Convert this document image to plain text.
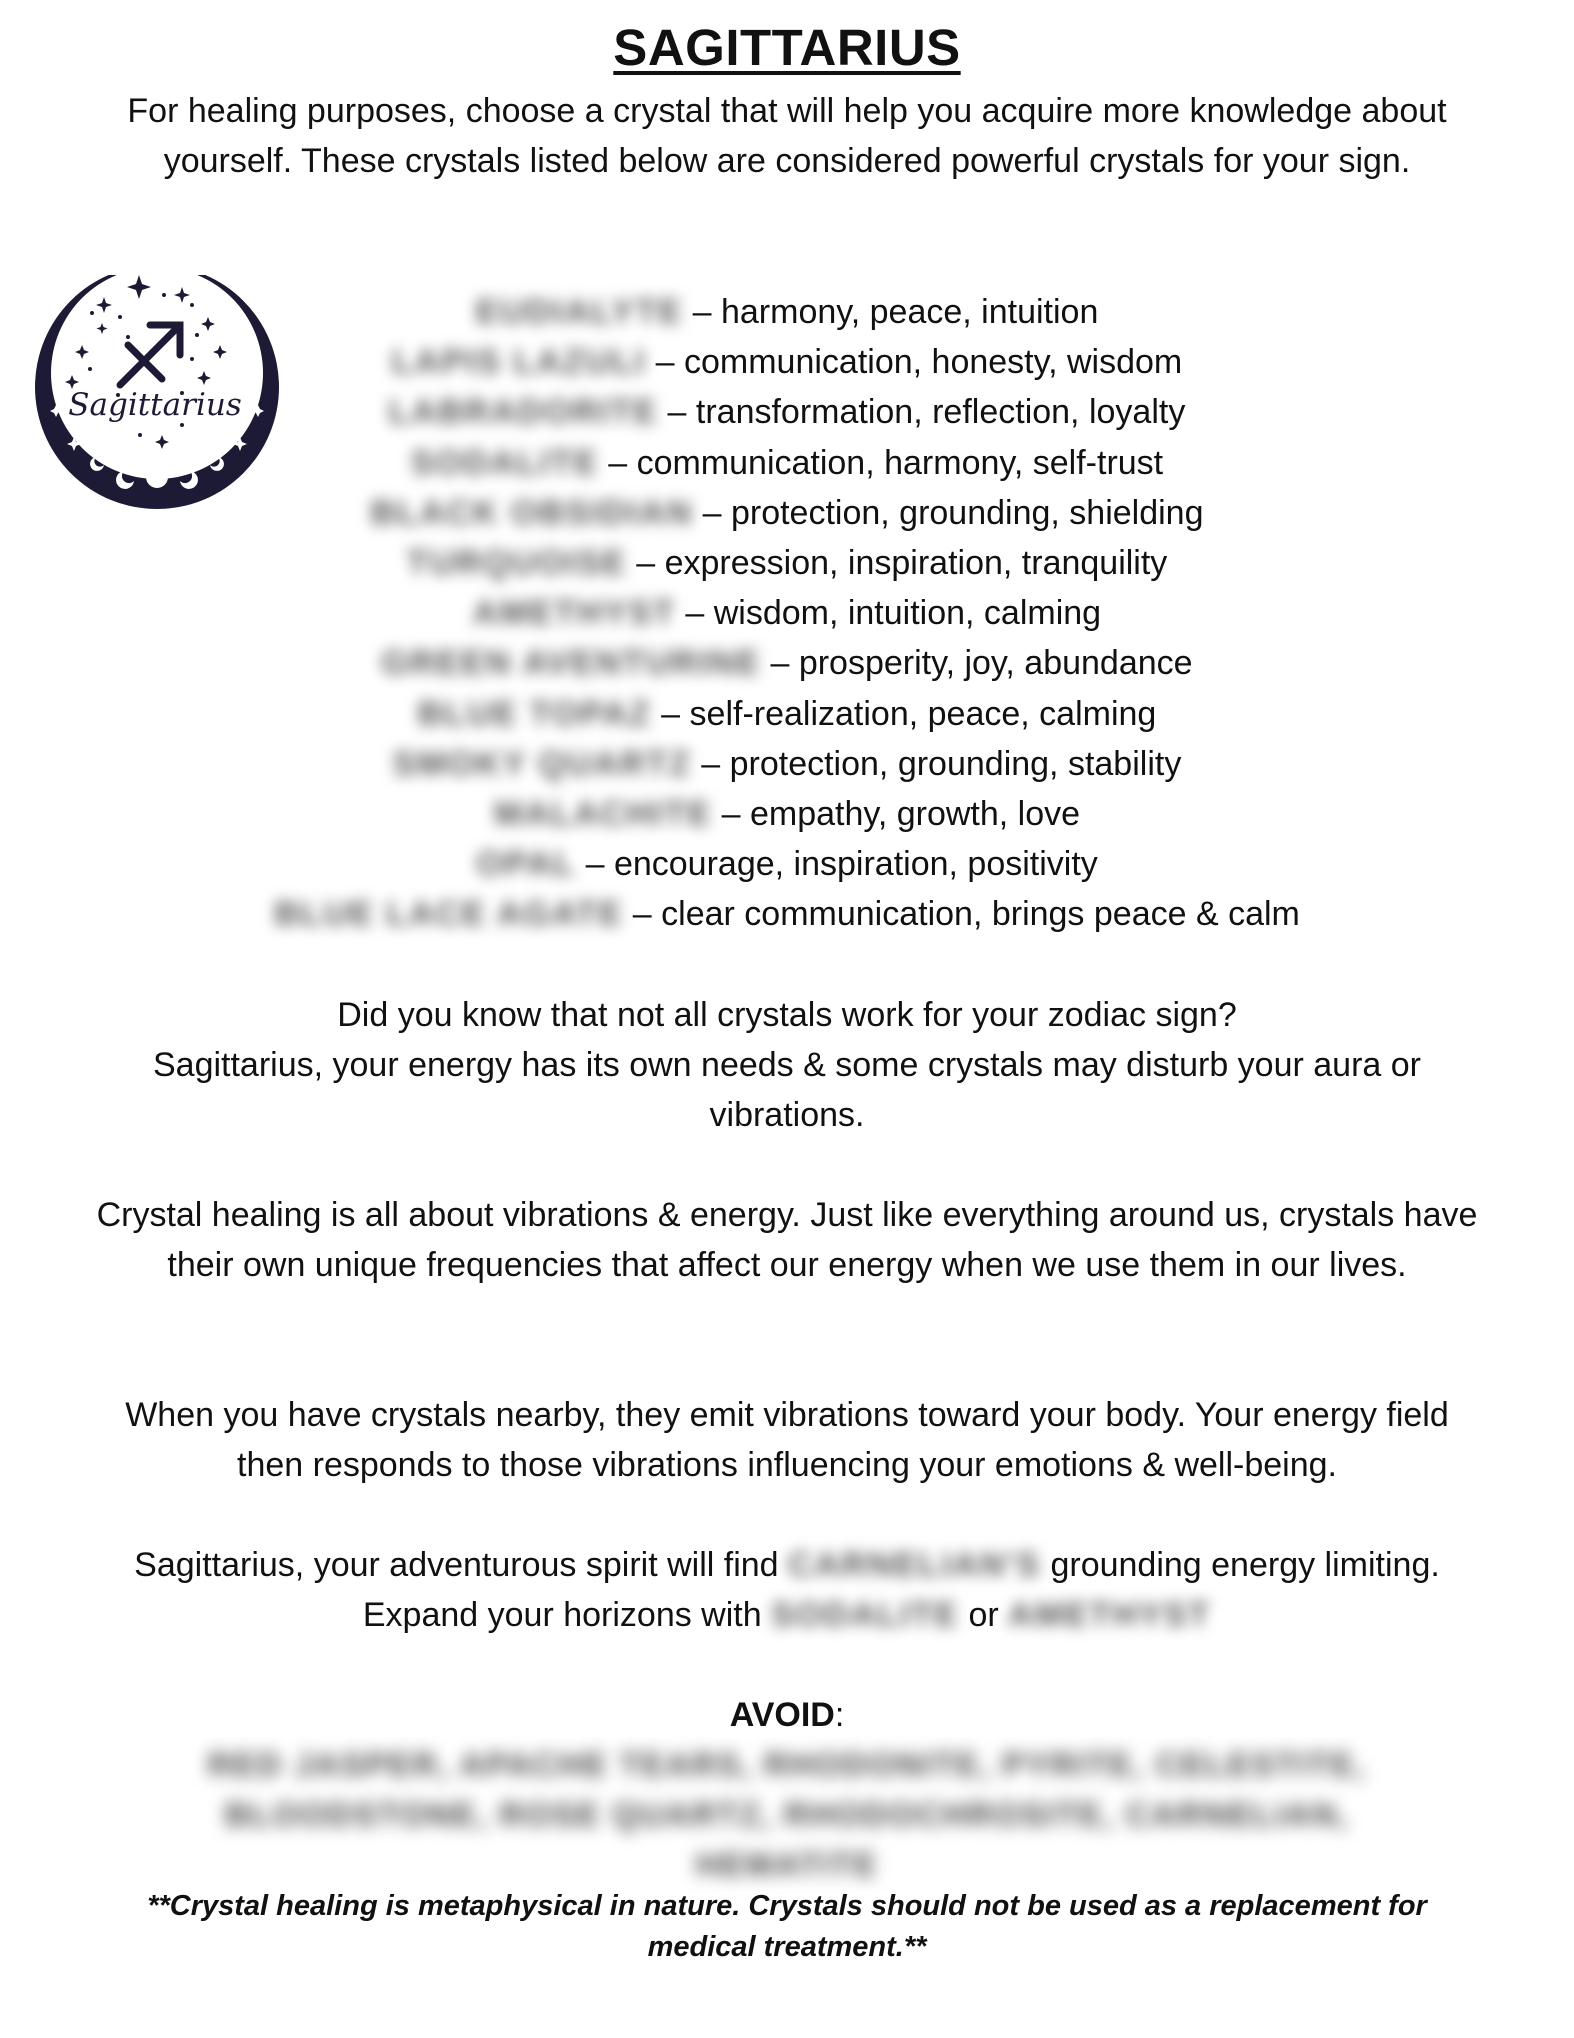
SAGITTARIUS
For healing purposes, choose a crystal that will help you acquire more knowledge about yourself. These crystals listed below are considered powerful crystals for your sign.
Sagittarius
EUDIALYTE – harmony, peace, intuition
LAPIS LAZULI – communication, honesty, wisdom
LABRADORITE – transformation, reflection, loyalty
SODALITE – communication, harmony, self-trust
BLACK OBSIDIAN – protection, grounding, shielding
TURQUOISE – expression, inspiration, tranquility
AMETHYST – wisdom, intuition, calming
GREEN AVENTURINE – prosperity, joy, abundance
BLUE TOPAZ – self-realization, peace, calming
SMOKY QUARTZ – protection, grounding, stability
MALACHITE – empathy, growth, love
OPAL – encourage, inspiration, positivity
BLUE LACE AGATE – clear communication, brings peace & calm
Did you know that not all crystals work for your zodiac sign?
Sagittarius, your energy has its own needs & some crystals may disturb your aura or vibrations.
Crystal healing is all about vibrations & energy. Just like everything around us, crystals have their own unique frequencies that affect our energy when we use them in our lives.
When you have crystals nearby, they emit vibrations toward your body. Your energy field then responds to those vibrations influencing your emotions & well-being.
Sagittarius, your adventurous spirit will find CARNELIAN'S grounding energy limiting.
Expand your horizons with SODALITE or AMETHYST
AVOID:
RED JASPER, APACHE TEARS, RHODONITE, PYRITE, CELESTITE, BLOODSTONE, ROSE QUARTZ, RHODOCHROSITE, CARNELIAN, HEMATITE
**Crystal healing is metaphysical in nature. Crystals should not be used as a replacement for medical treatment.**
